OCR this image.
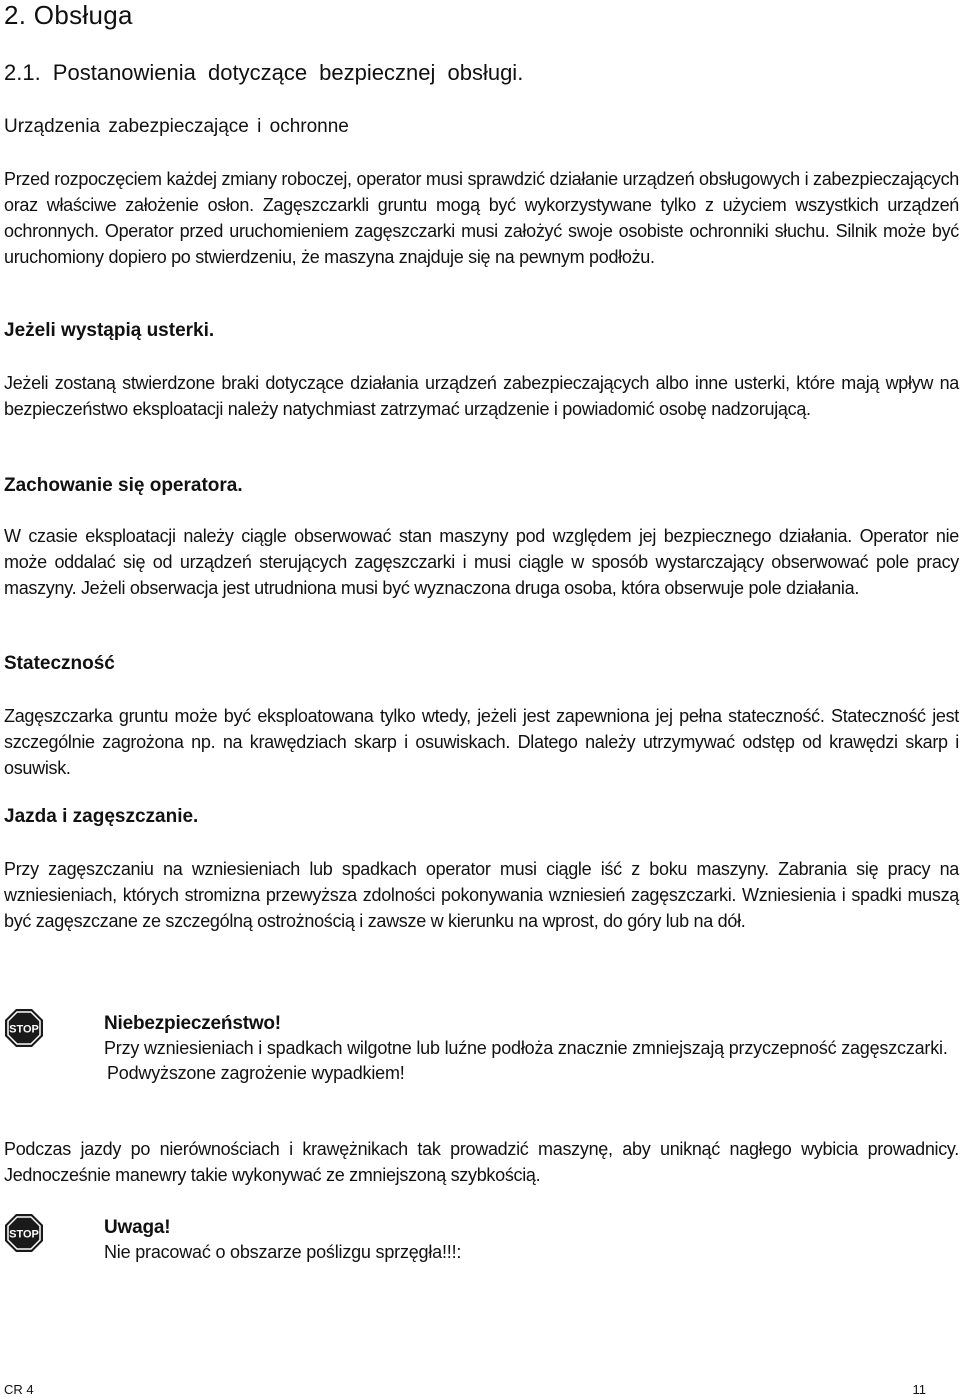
2. Obsługa
2.1. Postanowienia dotyczące bezpiecznej obsługi.
Urządzenia zabezpieczające i ochronne

Przed rozpoczęciem każdej zmiany roboczej, operator musi sprawdzić działanie urządzeń obsługowych i zabezpieczających oraz właściwe założenie osłon. Zagęszczarkli gruntu mogą być wykorzystywane tylko z użyciem wszystkich urządzeń ochronnych. Operator przed uruchomieniem zagęszczarki musi założyć swoje osobiste ochronniki słuchu. Silnik może być uruchomiony dopiero po stwierdzeniu, że maszyna znajduje się na pewnym podłożu.

Jeżeli wystąpią usterki.

Jeżeli zostaną stwierdzone braki dotyczące działania urządzeń zabezpieczających albo inne usterki, które mają wpływ na bezpieczeństwo eksploatacji należy natychmiast zatrzymać urządzenie i powiadomić osobę nadzorującą.

Zachowanie się operatora.

W czasie eksploatacji należy ciągle obserwować stan maszyny pod względem jej bezpiecznego działania. Operator nie może oddalać się od urządzeń sterujących zagęszczarki i musi ciągle w sposób wystarczający obserwować pole pracy maszyny. Jeżeli obserwacja jest utrudniona musi być wyznaczona druga osoba, która obserwuje pole działania.

Stateczność

Zagęszczarka gruntu może być eksploatowana tylko wtedy, jeżeli jest zapewniona jej pełna stateczność. Stateczność jest szczególnie zagrożona np. na krawędziach skarp i osuwiskach. Dlatego należy utrzymywać odstęp od krawędzi skarp i osuwisk.

Jazda i zagęszczanie.

Przy zagęszczaniu na wzniesieniach lub spadkach operator musi ciągle iść z boku maszyny. Zabrania się pracy na wzniesieniach, których stromizna przewyższa zdolności pokonywania wzniesień zagęszczarki. Wzniesienia i spadki muszą być zagęszczane ze szczególną ostrożnością i zawsze w kierunku na wprost, do góry lub na dół.

STOP	Niebezpieczeństwo!
Przy wzniesieniach i spadkach wilgotne lub luźne podłoża znacznie zmniejszają przyczepność zagęszczarki.
Podwyższone zagrożenie wypadkiem!

Podczas jazdy po nierównościach i krawężnikach tak prowadzić maszynę, aby uniknąć nagłego wybicia prowadnicy. Jednocześnie manewry takie wykonywać ze zmniejszoną szybkością.

STOP	Uwaga!
Nie pracować o obszarze poślizgu sprzęgła!!!:
CR 4	11
